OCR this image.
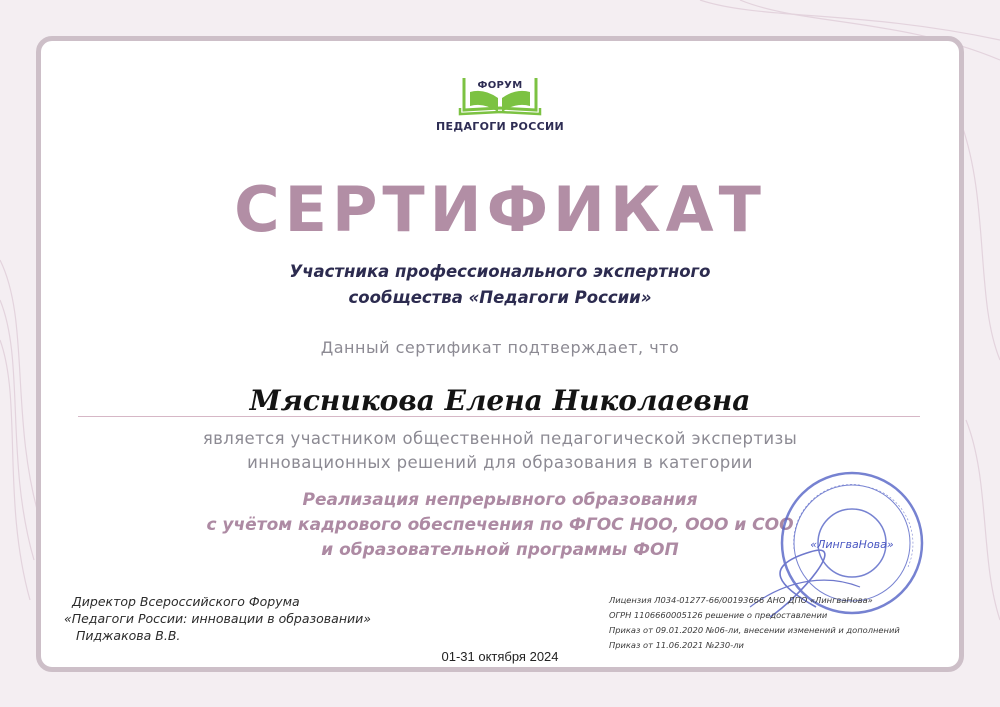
ФОРУМ
ПЕДАГОГИ РОССИИ
СЕРТИФИКАТ
Участника профессионального экспертного
сообщества «Педагоги России»
Данный сертификат подтверждает, что
Мясникова Елена Николаевна
является участником общественной педагогической экспертизы
инновационных решений для образования в категории
Реализация непрерывного образования
с учётом кадрового обеспечения по ФГОС НОО, ООО и СОО
и образовательной программы ФОП
Директор Всероссийского Форума
«Педагоги России: инновации в образовании»
Пиджакова В.В.
«ЛингваНова»
Лицензия Л034-01277-66/00193666 АНО ДПО «ЛингваНова»
ОГРН 1106660005126 решение о предоставлении
Приказ от 09.01.2020 №06-ли, внесении изменений и дополнений
Приказ от 11.06.2021 №230-ли
01-31 октября 2024
